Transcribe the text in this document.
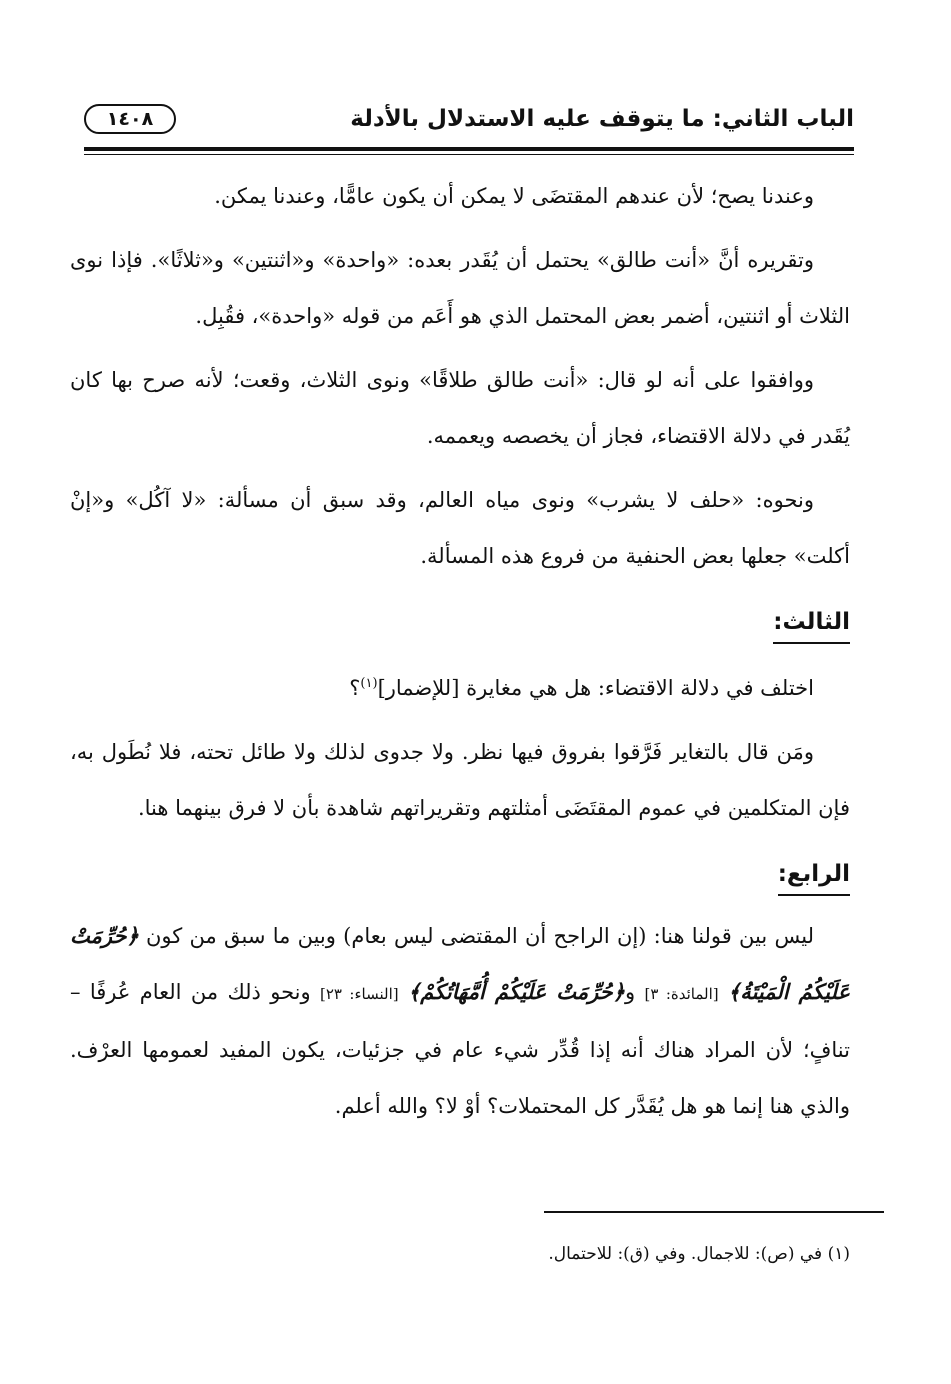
الباب الثاني: ما يتوقف عليه الاستدلال بالأدلة
١٤٠٨

وعندنا يصح؛ لأن عندهم المقتضَى لا يمكن أن يكون عامًّا، وعندنا يمكن.

وتقريره أنَّ «أنت طالق» يحتمل أن يُقَدر بعده: «واحدة» و«اثنتين» و«ثلاثًا». فإذا نوى الثلاث أو اثنتين، أضمر بعض المحتمل الذي هو أَعَم من قوله «واحدة»، فقُبِل.

ووافقوا على أنه لو قال: «أنت طالق طلاقًا» ونوى الثلاث، وقعت؛ لأنه صرح بها كان يُقَدر في دلالة الاقتضاء، فجاز أن يخصصه ويعممه.

ونحوه: «حلف لا يشرب» ونوى مياه العالم، وقد سبق أن مسألة: «لا آكُل» و«إنْ أكلت» جعلها بعض الحنفية من فروع هذه المسألة.

الثالث:

اختلف في دلالة الاقتضاء: هل هي مغايرة [للإضمار]$^{(١)}$؟

ومَن قال بالتغاير فَرَّقوا بفروق فيها نظر. ولا جدوى لذلك ولا طائل تحته، فلا نُطَول به، فإن المتكلمين في عموم المقتَضَى أمثلتهم وتقريراتهم شاهدة بأن لا فرق بينهما هنا.

الرابع:

ليس بين قولنا هنا: (إن الراجح أن المقتضى ليس بعام) وبين ما سبق من كون ﴿حُرِّمَتْ عَلَيْكُمُ الْمَيْتَةُ﴾ [المائدة: ٣] و﴿حُرِّمَتْ عَلَيْكُمْ أُمَّهَاتُكُمْ﴾ [النساء: ٢٣] ونحو ذلك من العام عُرفًا – تنافٍ؛ لأن المراد هناك أنه إذا قُدِّر شيء عام في جزئيات، يكون المفيد لعمومها العرْف. والذي هنا إنما هو هل يُقَدَّر كل المحتملات؟ أوْ لا؟ والله أعلم.

(١) في (ص): للاجمال. وفي (ق): للاحتمال.
